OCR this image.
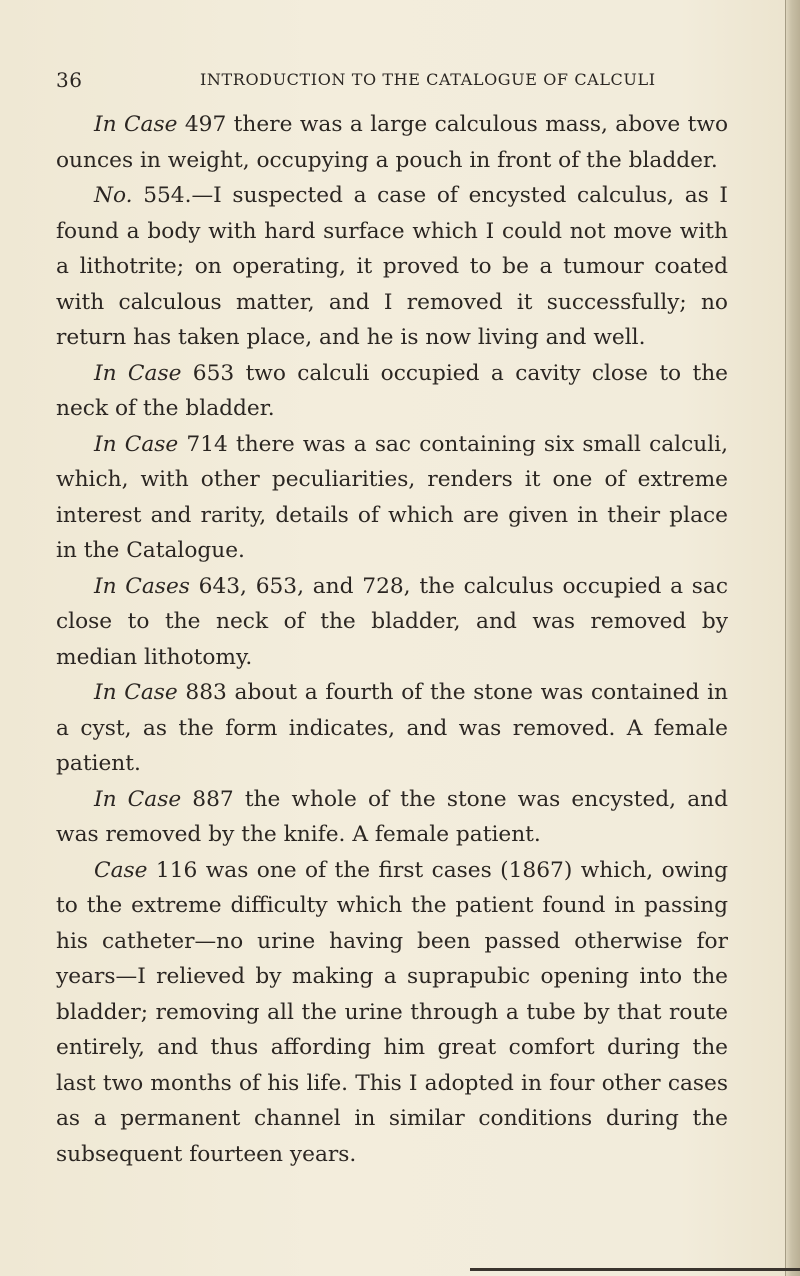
36	INTRODUCTION TO THE CATALOGUE OF CALCULI

In Case 497 there was a large calculous mass, above two ounces in weight, occupying a pouch in front of the bladder.

No. 554.—I suspected a case of encysted calculus, as I found a body with hard surface which I could not move with a lithotrite; on operating, it proved to be a tumour coated with calculous matter, and I removed it successfully; no return has taken place, and he is now living and well.

In Case 653 two calculi occupied a cavity close to the neck of the bladder.

In Case 714 there was a sac containing six small calculi, which, with other peculiarities, renders it one of extreme interest and rarity, details of which are given in their place in the Catalogue.

In Cases 643, 653, and 728, the calculus occupied a sac close to the neck of the bladder, and was removed by median lithotomy.

In Case 883 about a fourth of the stone was contained in a cyst, as the form indicates, and was removed. A female patient.

In Case 887 the whole of the stone was encysted, and was removed by the knife. A female patient.

Case 116 was one of the first cases (1867) which, owing to the extreme difficulty which the patient found in passing his catheter—no urine having been passed otherwise for years—I relieved by making a suprapubic opening into the bladder; removing all the urine through a tube by that route entirely, and thus affording him great comfort during the last two months of his life. This I adopted in four other cases as a permanent channel in similar conditions during the subsequent fourteen years.
